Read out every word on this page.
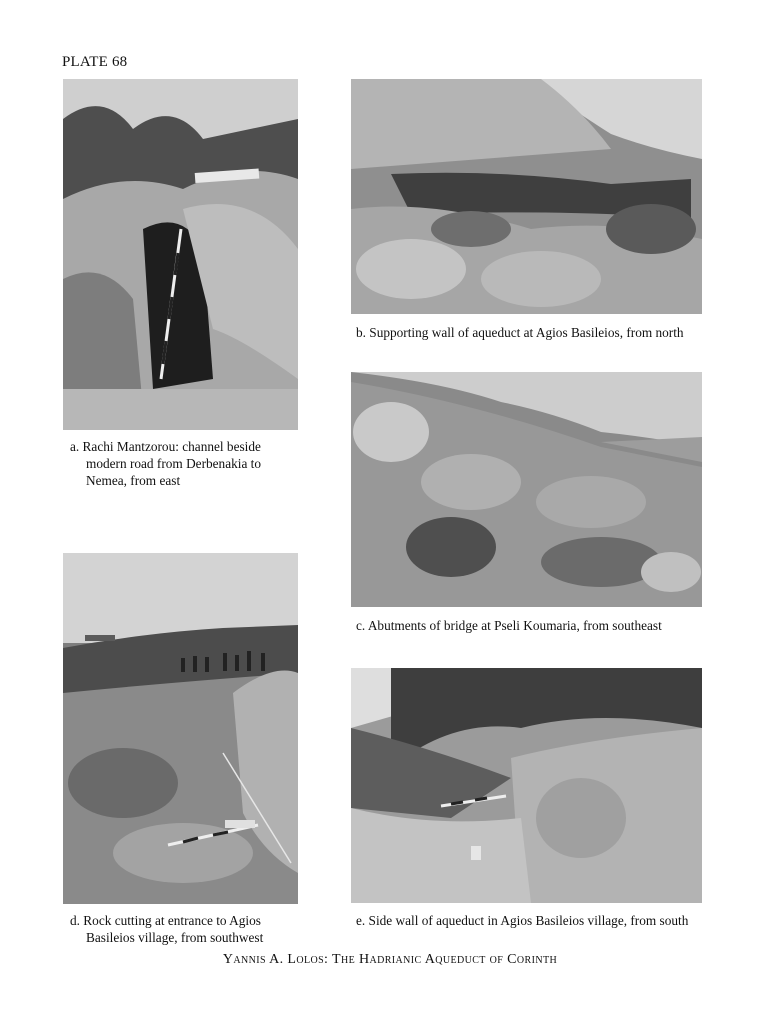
PLATE 68
a. Rachi Mantzorou: channel beside modern road from Derbenakia to Nemea, from east
b. Supporting wall of aqueduct at Agios Basileios, from north
c. Abutments of bridge at Pseli Koumaria, from southeast
d. Rock cutting at entrance to Agios Basileios village, from southwest
e. Side wall of aqueduct in Agios Basileios village, from south
Yannis A. Lolos: The Hadrianic Aqueduct of Corinth
